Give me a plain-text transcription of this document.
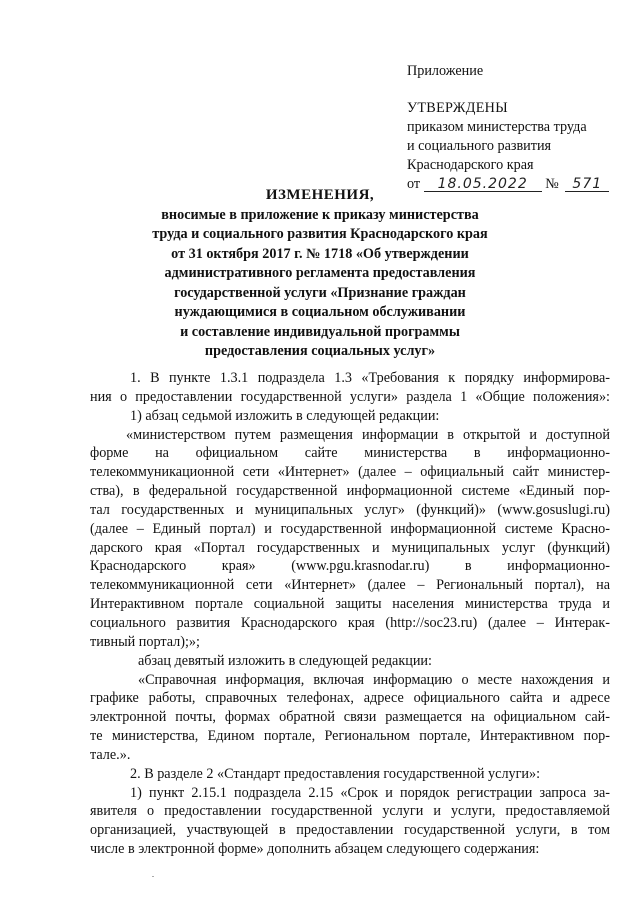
Приложение
УТВЕРЖДЕНЫ
приказом министерства труда
и социального развития
Краснодарского края
от 18.05.2022 № 571
ИЗМЕНЕНИЯ,
вносимые в приложение к приказу министерства
труда и социального развития Краснодарского края
от 31 октября 2017 г. № 1718 «Об утверждении
административного регламента предоставления
государственной услуги «Признание граждан
нуждающимися в социальном обслуживании
и составление индивидуальной программы
предоставления социальных услуг»
1. В пункте 1.3.1 подраздела 1.3 «Требования к порядку информирова-
ния о предоставлении государственной услуги» раздела 1 «Общие положения»:
1) абзац седьмой изложить в следующей редакции:
«министерством путем размещения информации в открытой и доступной
форме на официальном сайте министерства в информационно-
телекоммуникационной сети «Интернет» (далее – официальный сайт министер-
ства), в федеральной государственной информационной системе «Единый пор-
тал государственных и муниципальных услуг» (функций)» (www.gosuslugi.ru)
(далее – Единый портал) и государственной информационной системе Красно-
дарского края «Портал государственных и муниципальных услуг (функций)
Краснодарского края» (www.pgu.krasnodar.ru) в информационно-
телекоммуникационной сети «Интернет» (далее – Региональный портал), на
Интерактивном портале социальной защиты населения министерства труда и
социального развития Краснодарского края (http://soc23.ru) (далее – Интерак-
тивный портал);»;
абзац девятый изложить в следующей редакции:
«Справочная информация, включая информацию о месте нахождения и
графике работы, справочных телефонах, адресе официального сайта и адресе
электронной почты, формах обратной связи размещается на официальном сай-
те министерства, Едином портале, Региональном портале, Интерактивном пор-
тале.».
2. В разделе 2 «Стандарт предоставления государственной услуги»:
1) пункт 2.15.1 подраздела 2.15 «Срок и порядок регистрации запроса за-
явителя о предоставлении государственной услуги и услуги, предоставляемой
организацией, участвующей в предоставлении государственной услуги, в том
числе в электронной форме» дополнить абзацем следующего содержания:
